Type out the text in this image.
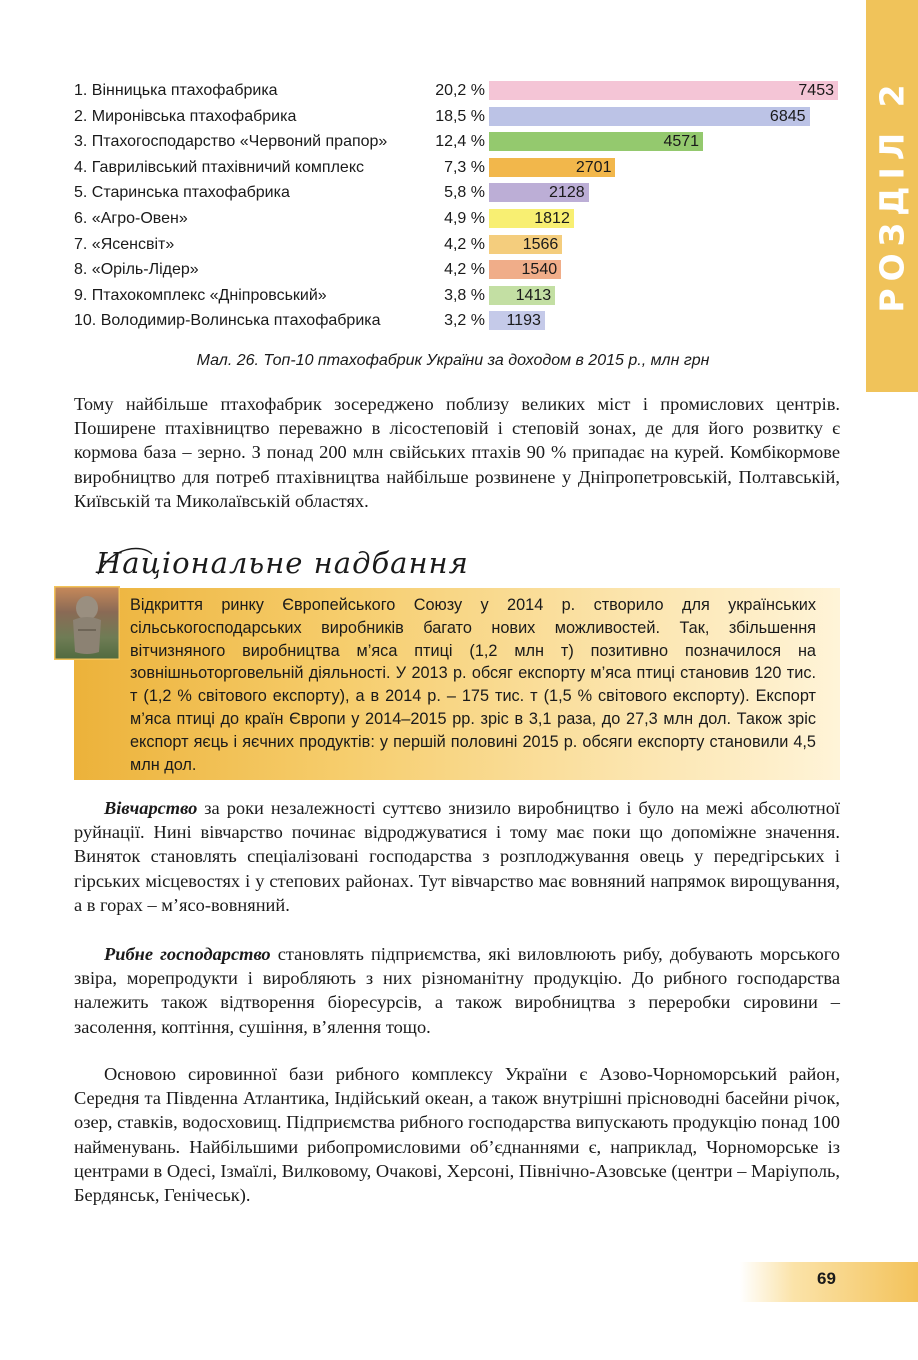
РОЗДІЛ 2
1. Вінницька птахофабрика	20,2 %	7453
2. Миронівська птахофабрика	18,5 %	6845
3. Птахогосподарство «Червоний прапор»	12,4 %	4571
4. Гаврилівський птахівничий комплекс	7,3 %	2701
5. Старинська птахофабрика	5,8 %	2128
6. «Агро-Овен»	4,9 %	1812
7. «Ясенсвіт»	4,2 % 1566
8. «Оріль-Лідер»	4,2 % 1540
9. Птахокомплекс «Дніпровський»	3,8 % 1413
10. Володимир-Волинська птахофабрика	3,2 % 1193
Мал. 26. Топ-10 птахофабрик України за доходом в 2015 р., млн грн

Тому найбільше птахофабрик зосереджено поблизу великих міст і промислових центрів. Поширене птахівництво переважно в лісостеповій і степовій зонах, де для його розвитку є кормова база – зерно. З понад 200 млн свійських птахів 90 % припадає на курей. Комбікормове виробництво для потреб птахівництва найбільше розвинене у Дніпропетровській, Полтавській, Київській та Миколаївській областях.

Національне надбання

Відкриття ринку Європейського Союзу у 2014 р. створило для українських сільськогосподарських виробників багато нових можливостей. Так, збільшення вітчизняного виробництва м’яса птиці (1,2 млн т) позитивно позначилося на зовнішньоторговельній діяльності. У 2013 р. обсяг експорту м’яса птиці становив 120 тис. т (1,2 % світового експорту), а в 2014 р. – 175 тис. т (1,5 % світового експорту). Експорт м’яса птиці до країн Європи у 2014–2015 рр. зріс в 3,1 раза, до 27,3 млн дол. Також зріс експорт яєць і яєчних продуктів: у першій половині 2015 р. обсяги експорту становили 4,5 млн дол.

Вівчарство за роки незалежності суттєво знизило виробництво і було на межі абсолютної руйнації. Нині вівчарство починає відроджуватися і тому має поки що допоміжне значення. Виняток становлять спеціалізовані господарства з розплоджування овець у передгірських і гірських місцевостях і у степових районах. Тут вівчарство має вовняний напрямок вирощування, а в горах – м’ясо-вовняний.

Рибне господарство становлять підприємства, які виловлюють рибу, добувають морського звіра, морепродукти і виробляють з них різноманітну продукцію. До рибного господарства належить також відтворення біоресурсів, а також виробництва з переробки сировини – засолення, коптіння, сушіння, в’ялення тощо.

Основою сировинної бази рибного комплексу України є Азово-Чорноморський район, Середня та Південна Атлантика, Індійський океан, а також внутрішні прісноводні басейни річок, озер, ставків, водосховищ. Підприємства рибного господарства випускають продукцію понад 100 найменувань. Найбільшими рибопромисловими об’єднаннями є, наприклад, Чорноморське із центрами в Одесі, Ізмаїлі, Вилковому, Очакові, Херсоні, Північно-Азовське (центри – Маріуполь, Бердянськ, Генічеськ).

69
